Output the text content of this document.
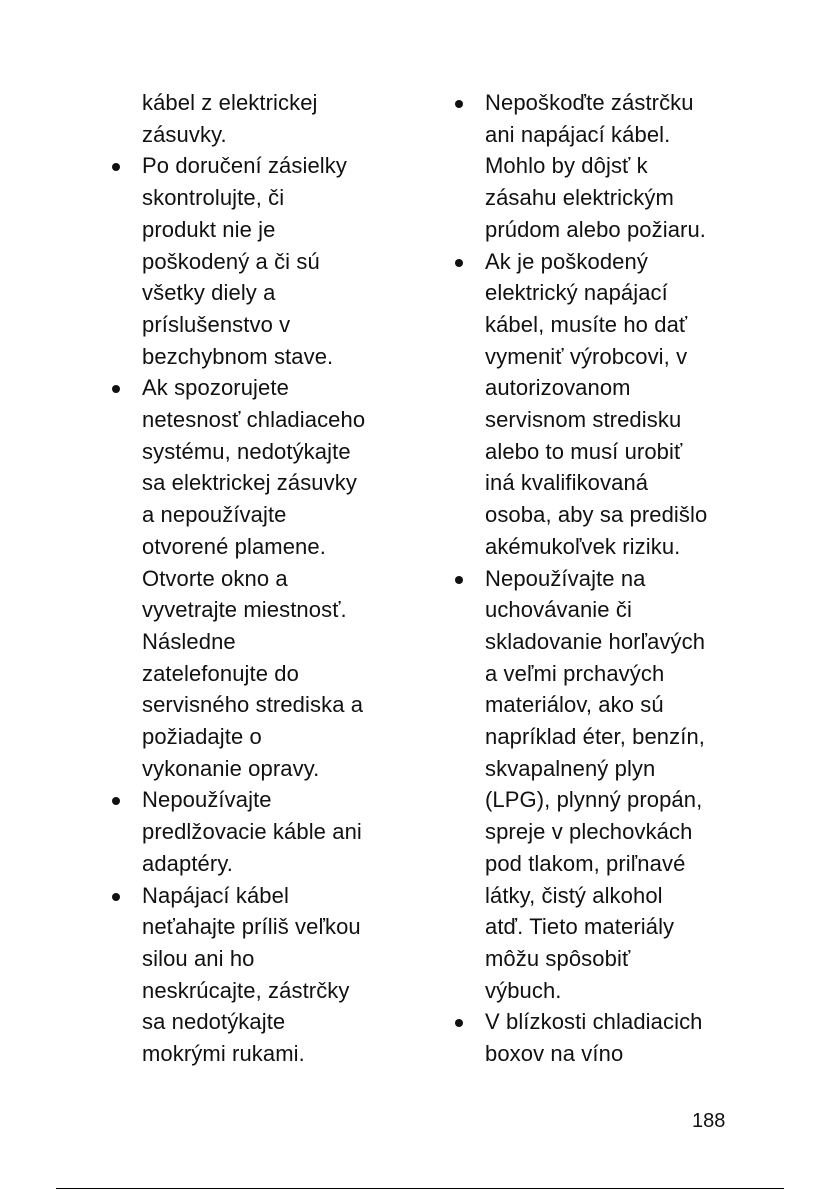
kábel z elektrickej
zásuvky.
Po doručení zásielky
skontrolujte, či
produkt nie je
poškodený a či sú
všetky diely a
príslušenstvo v
bezchybnom stave.
Ak spozorujete
netesnosť chladiaceho
systému, nedotýkajte
sa elektrickej zásuvky
a nepoužívajte
otvorené plamene.
Otvorte okno a
vyvetrajte miestnosť.
Následne
zatelefonujte do
servisného strediska a
požiadajte o
vykonanie opravy.
Nepoužívajte
predlžovacie káble ani
adaptéry.
Napájací kábel
neťahajte príliš veľkou
silou ani ho
neskrúcajte, zástrčky
sa nedotýkajte
mokrými rukami.
Nepoškoďte zástrčku
ani napájací kábel.
Mohlo by dôjsť k
zásahu elektrickým
prúdom alebo požiaru.
Ak je poškodený
elektrický napájací
kábel, musíte ho dať
vymeniť výrobcovi, v
autorizovanom
servisnom stredisku
alebo to musí urobiť
iná kvalifikovaná
osoba, aby sa predišlo
akémukoľvek riziku.
Nepoužívajte na
uchovávanie či
skladovanie horľavých
a veľmi prchavých
materiálov, ako sú
napríklad éter, benzín,
skvapalnený plyn
(LPG), plynný propán,
spreje v plechovkách
pod tlakom, priľnavé
látky, čistý alkohol
atď. Tieto materiály
môžu spôsobiť
výbuch.
V blízkosti chladiacich
boxov na víno
188
